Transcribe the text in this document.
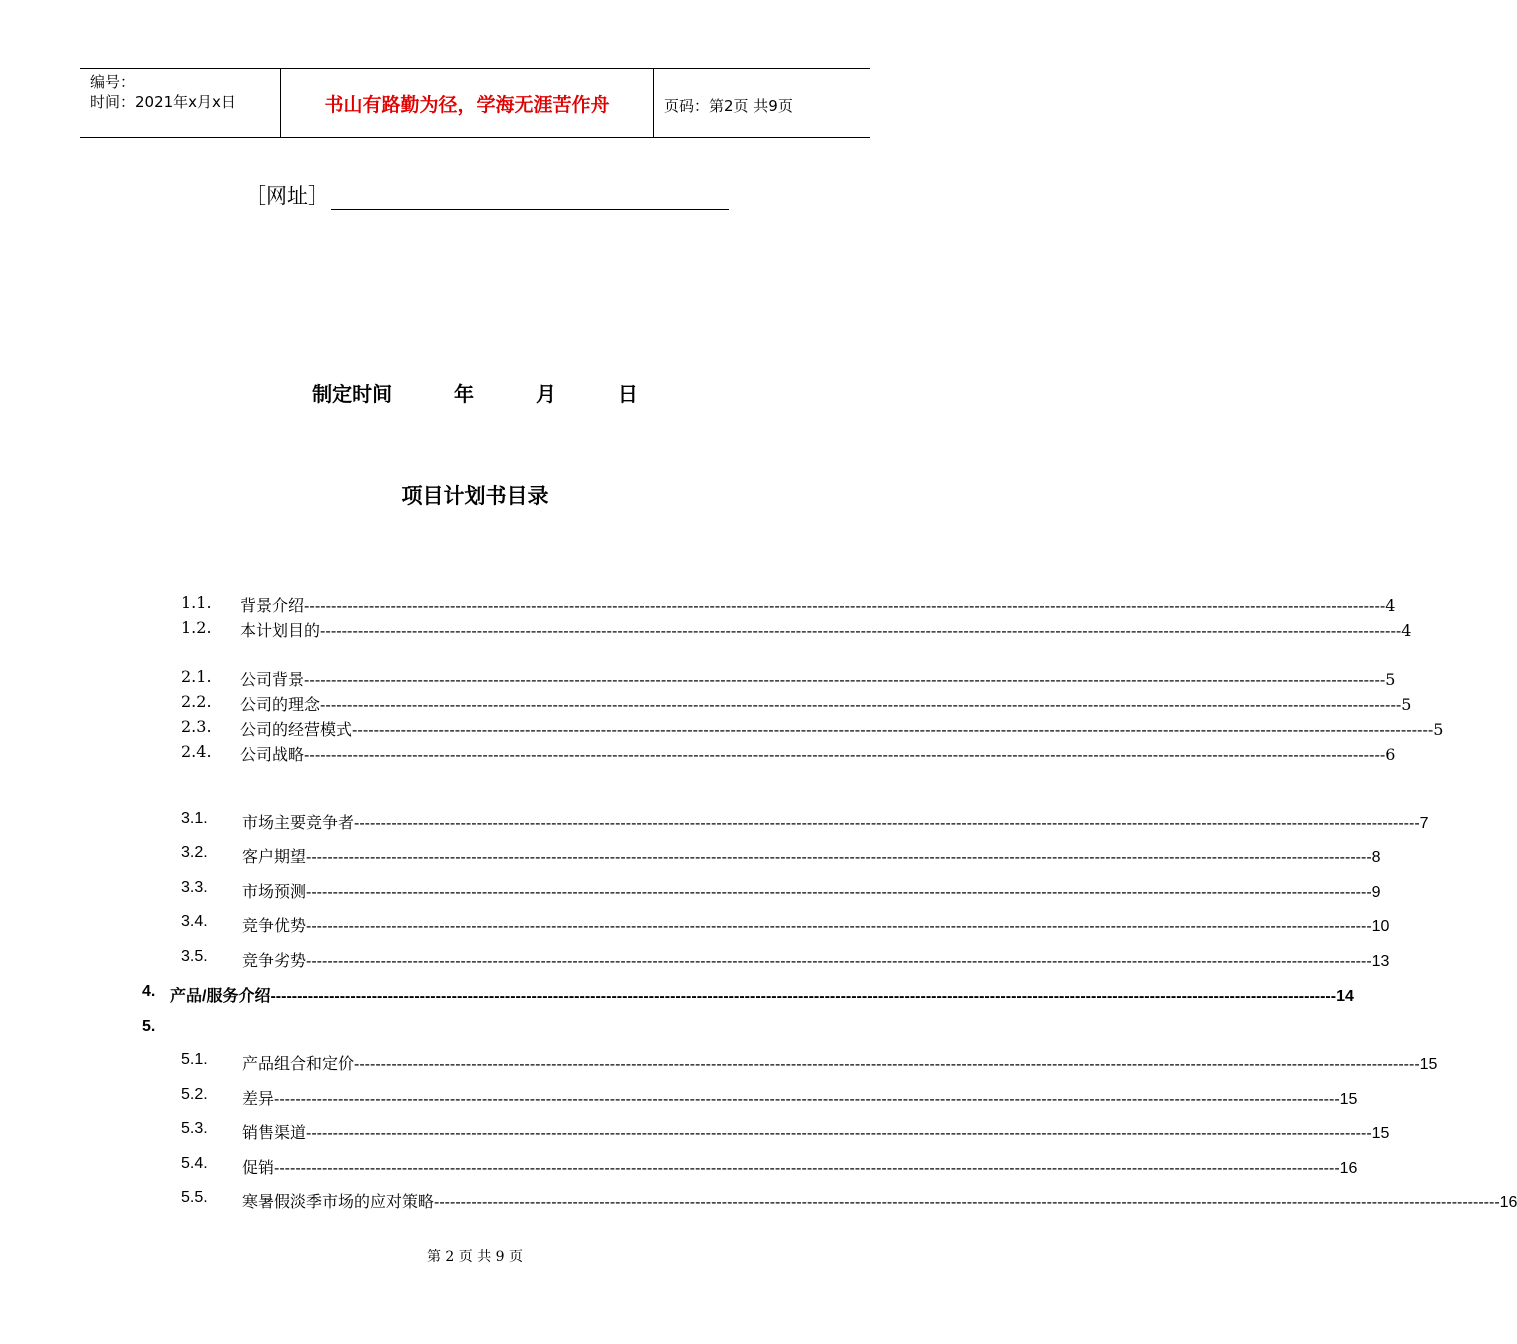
编号：
时间：2021年x月x日	书山有路勤为径，学海无涯苦作舟	页码：第2页 共9页
［网址］
制定时间	年	月	日
项目计划书目录
1.1. 背景介绍 -------------------------------------------------------------------------------------------------------------------------------------------------------------------------------------------------------- 4
1.2. 本计划目的 -------------------------------------------------------------------------------------------------------------------------------------------------------------------------------------------------------- 4
2.1. 公司背景 -------------------------------------------------------------------------------------------------------------------------------------------------------------------------------------------------------- 5
2.2. 公司的理念 -------------------------------------------------------------------------------------------------------------------------------------------------------------------------------------------------------- 5
2.3. 公司的经营模式 -------------------------------------------------------------------------------------------------------------------------------------------------------------------------------------------------------- 5
2.4. 公司战略 -------------------------------------------------------------------------------------------------------------------------------------------------------------------------------------------------------- 6
3.1. 市场主要竞争者 -------------------------------------------------------------------------------------------------------------------------------------------------------------------------------------------------------- 7
3.2. 客户期望 -------------------------------------------------------------------------------------------------------------------------------------------------------------------------------------------------------- 8
3.3. 市场预测 -------------------------------------------------------------------------------------------------------------------------------------------------------------------------------------------------------- 9
3.4. 竞争优势 -------------------------------------------------------------------------------------------------------------------------------------------------------------------------------------------------------- 10
3.5. 竞争劣势 -------------------------------------------------------------------------------------------------------------------------------------------------------------------------------------------------------- 13
4. 产品/服务介绍 -------------------------------------------------------------------------------------------------------------------------------------------------------------------------------------------------------- 14
5.
5.1. 产品组合和定价 -------------------------------------------------------------------------------------------------------------------------------------------------------------------------------------------------------- 15
5.2. 差异 -------------------------------------------------------------------------------------------------------------------------------------------------------------------------------------------------------- 15
5.3. 销售渠道 -------------------------------------------------------------------------------------------------------------------------------------------------------------------------------------------------------- 15
5.4. 促销 -------------------------------------------------------------------------------------------------------------------------------------------------------------------------------------------------------- 16
5.5. 寒暑假淡季市场的应对策略 -------------------------------------------------------------------------------------------------------------------------------------------------------------------------------------------------------- 16
第 2 页 共 9 页
